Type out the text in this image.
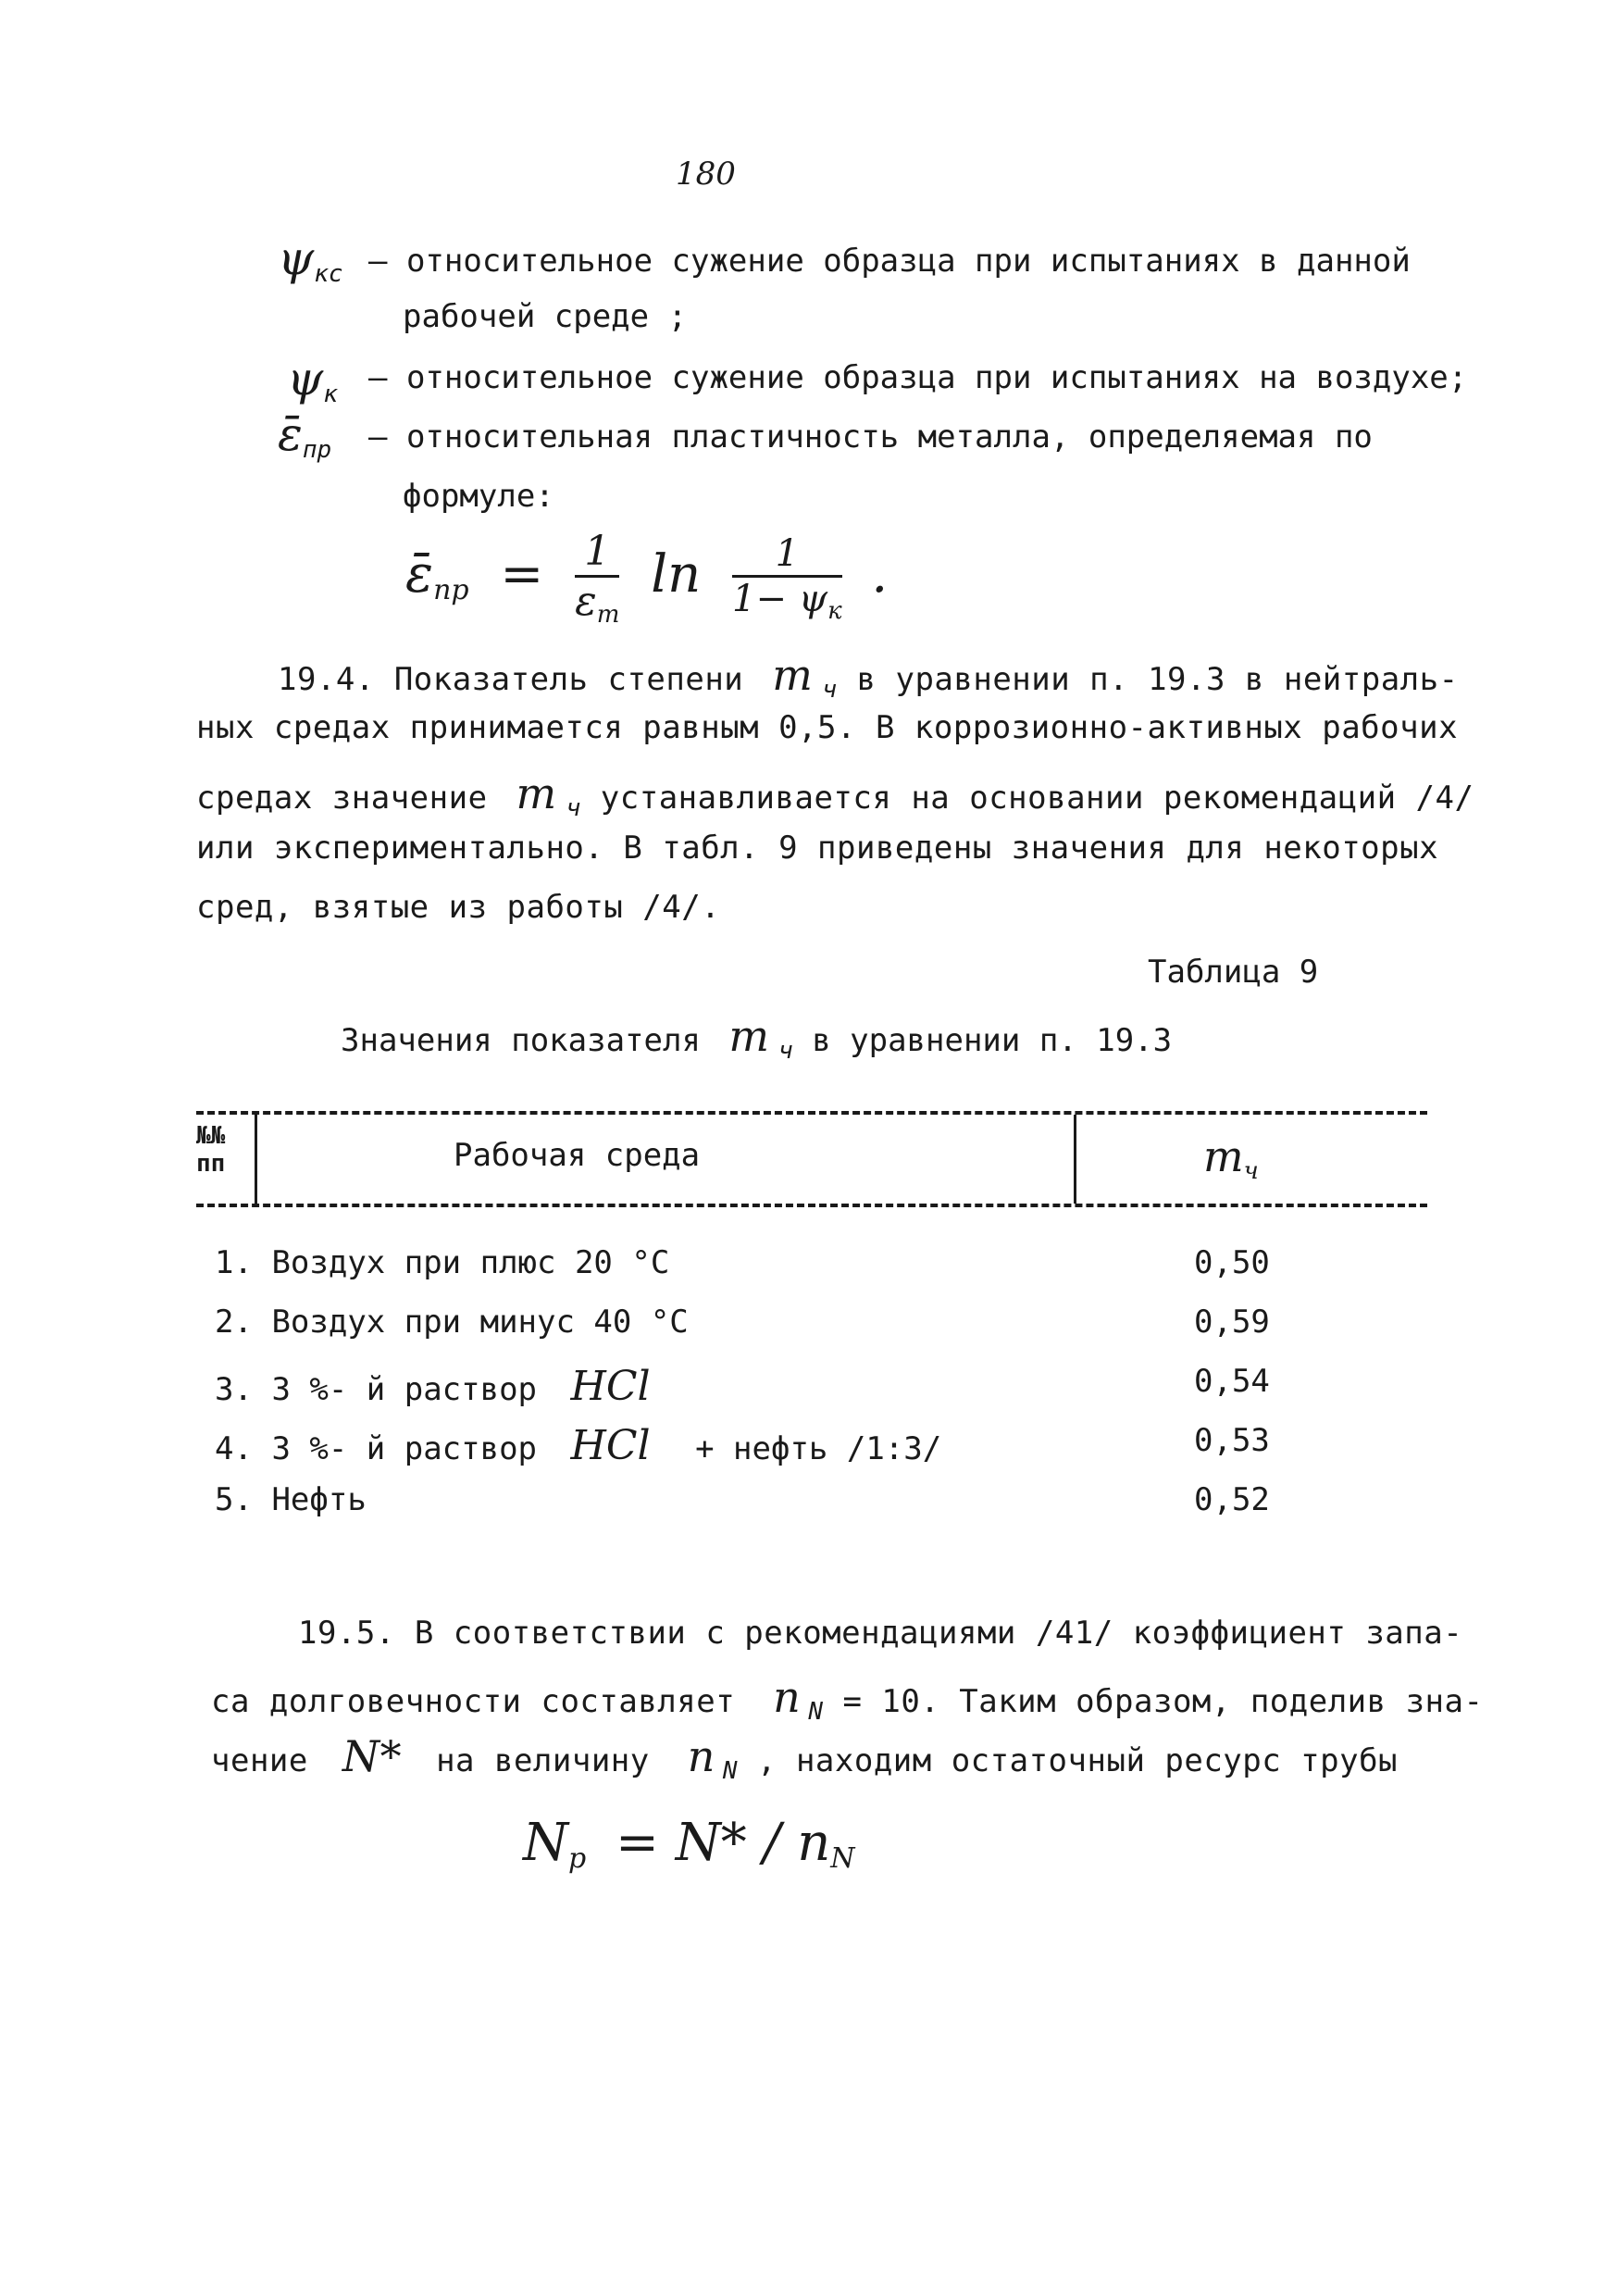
180
$\psi_{кс}$ – относительное сужение образца при испытаниях в данной
рабочей среде ;
$\psi_к$ – относительное сужение образца при испытаниях на воздухе;
$\varepsilon̄_{пр}$ – относительная пластичность металла, определяемая по
формуле:
$\varepsilon̄_{пр} = \frac{1}{\varepsilon_т}$ $\ln \frac{1}{1- \psi_к}$ .
19.4. Показатель степени m $_ч$ в уравнении п. 19.3 в нейтраль-
ных средах принимается равным 0,5. В коррозионно-активных рабочих
средах значение m $_ч$ устанавливается на основании рекомендаций /4/
или экспериментально. В табл. 9 приведены значения для некоторых
сред, взятые из работы /4/.
Таблица 9
Значения показателя m $_ч$ в уравнении п. 19.3
№№
пп	Рабочая среда	$m_ч$
1. Воздух при плюс 20 °С	0,50
2. Воздух при минус 40 °С	0,59
3. 3 %- й раствор HCl	0,54
4. 3 %- й раствор HCl + нефть /1:3/	0,53
5. Нефть	0,52
19.5. В соответствии с рекомендациями /41/ коэффициент запа-
са долговечности составляет n $_N$ = 10. Таким образом, поделив зна-
чение N* на величину n $_N$ , находим остаточный ресурс трубы
$N_р = N* / n_N$
